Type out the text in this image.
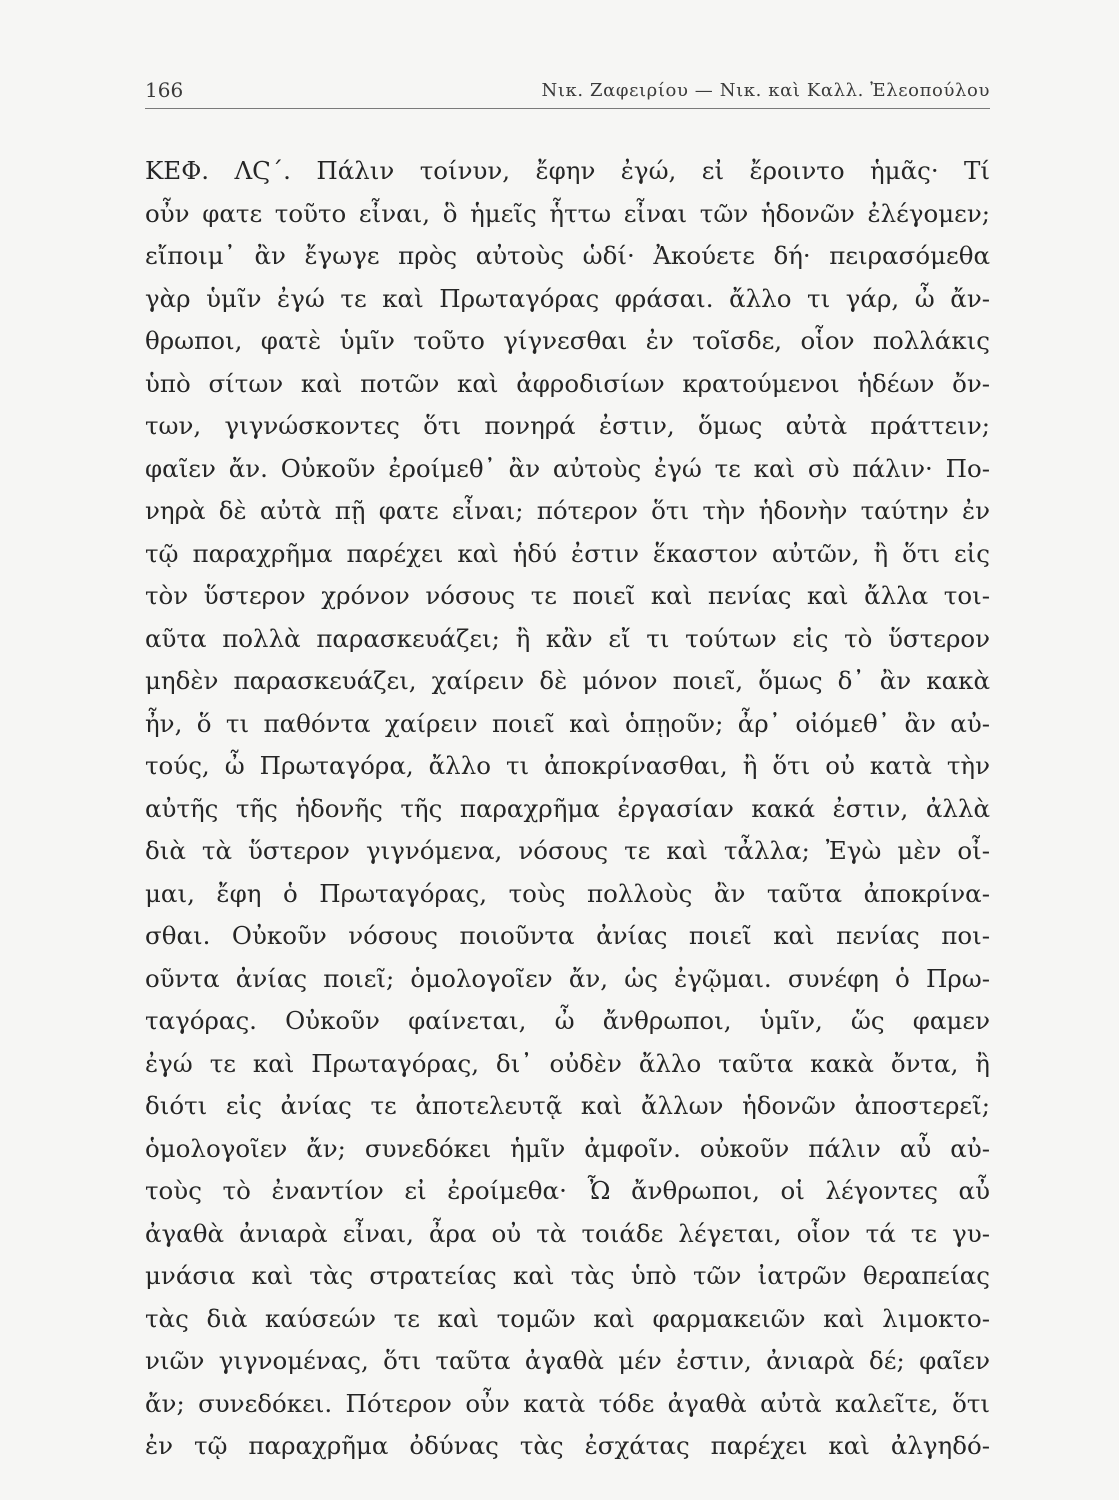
166	Νικ. Ζαφειρίου — Νικ. καὶ Καλλ. Ἐλεοπούλου
ΚΕΦ. ΛϚ΄. Πάλιν τοίνυν, ἔφην ἐγώ, εἰ ἔροιντο ἡμᾶς· Τί
οὖν φατε τοῦτο εἶναι, ὃ ἡμεῖς ἧττω εἶναι τῶν ἡδονῶν ἐλέγομεν;
εἴποιμ᾽ ἂν ἔγωγε πρὸς αὐτοὺς ὡδί· Ἀκούετε δή· πειρασόμεθα
γὰρ ὑμῖν ἐγώ τε καὶ Πρωταγόρας φράσαι. ἄλλο τι γάρ, ὦ ἄν-
θρωποι, φατὲ ὑμῖν τοῦτο γίγνεσθαι ἐν τοῖσδε, οἷον πολλάκις
ὑπὸ σίτων καὶ ποτῶν καὶ ἀφροδισίων κρατούμενοι ἡδέων ὄν-
των, γιγνώσκοντες ὅτι πονηρά ἐστιν, ὅμως αὐτὰ πράττειν;
φαῖεν ἄν. Οὐκοῦν ἐροίμεθ᾽ ἂν αὐτοὺς ἐγώ τε καὶ σὺ πάλιν· Πο-
νηρὰ δὲ αὐτὰ πῇ φατε εἶναι; πότερον ὅτι τὴν ἡδονὴν ταύτην ἐν
τῷ παραχρῆμα παρέχει καὶ ἡδύ ἐστιν ἕκαστον αὐτῶν, ἢ ὅτι εἰς
τὸν ὕστερον χρόνον νόσους τε ποιεῖ καὶ πενίας καὶ ἄλλα τοι-
αῦτα πολλὰ παρασκευάζει; ἢ κἂν εἴ τι τούτων εἰς τὸ ὕστερον
μηδὲν παρασκευάζει, χαίρειν δὲ μόνον ποιεῖ, ὅμως δ᾽ ἂν κακὰ
ἦν, ὅ τι παθόντα χαίρειν ποιεῖ καὶ ὁπῃοῦν; ἆρ᾽ οἰόμεθ᾽ ἂν αὐ-
τούς, ὦ Πρωταγόρα, ἄλλο τι ἀποκρίνασθαι, ἢ ὅτι οὐ κατὰ τὴν
αὐτῆς τῆς ἡδονῆς τῆς παραχρῆμα ἐργασίαν κακά ἐστιν, ἀλλὰ
διὰ τὰ ὕστερον γιγνόμενα, νόσους τε καὶ τἆλλα; Ἐγὼ μὲν οἶ-
μαι, ἔφη ὁ Πρωταγόρας, τοὺς πολλοὺς ἂν ταῦτα ἀποκρίνα-
σθαι. Οὐκοῦν νόσους ποιοῦντα ἀνίας ποιεῖ καὶ πενίας ποι-
οῦντα ἀνίας ποιεῖ; ὁμολογοῖεν ἄν, ὡς ἐγῷμαι. συνέφη ὁ Πρω-
ταγόρας. Οὐκοῦν φαίνεται, ὦ ἄνθρωποι, ὑμῖν, ὥς φαμεν
ἐγώ τε καὶ Πρωταγόρας, δι᾽ οὐδὲν ἄλλο ταῦτα κακὰ ὄντα, ἢ
διότι εἰς ἀνίας τε ἀποτελευτᾷ καὶ ἄλλων ἡδονῶν ἀποστερεῖ;
ὁμολογοῖεν ἄν; συνεδόκει ἡμῖν ἀμφοῖν. οὐκοῦν πάλιν αὖ αὐ-
τοὺς τὸ ἐναντίον εἰ ἐροίμεθα· Ὦ ἄνθρωποι, οἱ λέγοντες αὖ
ἀγαθὰ ἀνιαρὰ εἶναι, ἆρα οὐ τὰ τοιάδε λέγεται, οἷον τά τε γυ-
μνάσια καὶ τὰς στρατείας καὶ τὰς ὑπὸ τῶν ἰατρῶν θεραπείας
τὰς διὰ καύσεών τε καὶ τομῶν καὶ φαρμακειῶν καὶ λιμοκτο-
νιῶν γιγνομένας, ὅτι ταῦτα ἀγαθὰ μέν ἐστιν, ἀνιαρὰ δέ; φαῖεν
ἄν; συνεδόκει. Πότερον οὖν κατὰ τόδε ἀγαθὰ αὐτὰ καλεῖτε, ὅτι
ἐν τῷ παραχρῆμα ὀδύνας τὰς ἐσχάτας παρέχει καὶ ἀλγηδό-
